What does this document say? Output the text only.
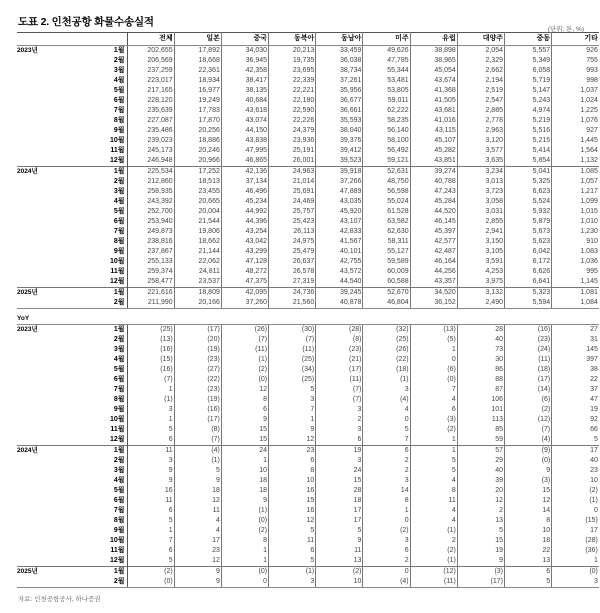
도표 2. 인천공항 화물수송실적
(단위: 톤, %)
		전체	일본	중국	동북아	동남아	미주	유럽	대양주	중동	기타
2023년	1월	202,655	17,892	34,030	20,213	33,459	49,626	38,898	2,054	5,557	926
	2월	206,569	18,668	36,945	19,735	36,038	47,785	38,965	2,329	5,349	755
	3월	237,259	22,361	42,358	23,695	38,734	55,344	45,054	2,662	6,058	993
	4월	223,017	18,934	38,417	22,339	37,261	53,481	43,674	2,194	5,719	998
	5월	217,165	16,977	38,135	22,221	35,956	53,805	41,368	2,519	5,147	1,037
	6월	228,120	19,249	40,684	22,180	36,677	59,011	41,505	2,547	5,243	1,024
	7월	235,639	17,783	43,618	22,590	36,661	62,222	43,681	2,885	4,974	1,225
	8월	227,087	17,870	43,074	22,226	35,593	58,235	41,016	2,778	5,219	1,076
	9월	235,486	20,256	44,150	24,379	38,040	56,140	43,115	2,963	5,516	927
	10월	239,023	18,886	43,838	23,936	39,376	58,100	45,107	3,120	5,215	1,445
	11월	245,173	20,246	47,995	25,191	39,412	56,492	45,282	3,577	5,414	1,564
	12월	246,948	20,966	46,865	26,001	39,523	59,121	43,851	3,635	5,854	1,132
2024년	1월	225,534	17,252	42,136	24,963	39,918	52,631	39,274	3,234	5,041	1,085
	2월	212,860	18,513	37,134	21,014	37,266	48,750	40,788	3,013	5,325	1,057
	3월	258,935	23,455	46,496	25,691	47,889	56,598	47,243	3,723	6,623	1,217
	4월	243,392	20,665	45,234	24,469	43,035	55,024	45,284	3,058	5,524	1,099
	5월	252,700	20,004	44,992	25,757	45,920	61,528	44,520	3,031	5,932	1,015
	6월	253,940	21,544	44,396	25,423	43,107	63,582	46,145	2,855	5,879	1,010
	7월	249,873	19,806	43,254	26,113	42,833	62,630	45,397	2,941	5,673	1,230
	8월	238,816	18,662	43,042	24,975	41,567	58,311	42,577	3,150	5,623	910
	9월	237,867	21,144	43,299	25,479	40,101	55,127	42,487	3,105	6,042	1,083
	10월	255,133	22,062	47,128	26,637	42,755	59,589	46,164	3,591	6,172	1,036
	11월	259,374	24,811	48,272	26,578	43,572	60,009	44,256	4,253	6,626	995
	12월	258,477	23,537	47,375	27,319	44,540	60,588	43,357	3,975	6,641	1,145
2025년	1월	221,616	18,809	42,095	24,736	39,245	52,670	34,520	3,132	5,323	1,081
	2월	211,990	20,166	37,260	21,560	40,878	46,804	36,152	2,490	5,594	1,084

YoY											
2023년	1월	(25)	(17)	(26)	(30)	(28)	(32)	(13)	28	(16)	27
	2월	(13)	(20)	(7)	(7)	(8)	(25)	(5)	40	(23)	31
	3월	(16)	(19)	(11)	(11)	(23)	(26)	1	73	(24)	145
	4월	(15)	(23)	(1)	(25)	(21)	(22)	0	30	(11)	397
	5월	(16)	(27)	(2)	(34)	(17)	(18)	(6)	86	(18)	38
	6월	(7)	(22)	(0)	(25)	(11)	(1)	(0)	88	(17)	22
	7월	1	(23)	12	5	(7)	3	7	87	(14)	37
	8월	(1)	(19)	8	3	(7)	(4)	4	106	(6)	47
	9월	3	(16)	6	7	3	4	6	101	(2)	19
	10월	1	(17)	9	1	2	0	(3)	113	(12)	92
	11월	5	(8)	15	9	3	5	(2)	85	(7)	66
	12월	6	(7)	15	12	6	7	1	59	(4)	5
2024년	1월	11	(4)	24	23	19	6	1	57	(9)	17
	2월	3	(1)	1	6	3	2	5	29	(0)	40
	3월	9	5	10	8	24	2	5	40	9	23
	4월	9	9	18	10	15	3	4	39	(3)	10
	5월	16	18	18	16	28	14	8	20	15	(2)
	6월	11	12	9	15	18	8	11	12	12	(1)
	7월	6	11	(1)	16	17	1	4	2	14	0
	8월	5	4	(0)	12	17	0	4	13	8	(15)
	9월	1	4	(2)	5	5	(2)	(1)	5	10	17
	10월	7	17	8	11	9	3	2	15	18	(28)
	11월	6	23	1	6	11	6	(2)	19	22	(36)
	12월	5	12	1	5	13	2	(1)	9	13	1
2025년	1월	(2)	9	(0)	(1)	(2)	0	(12)	(3)	6	(0)
	2월	(0)	9	0	3	10	(4)	(11)	(17)	5	3
자료: 인천공항공사, 하나증권
